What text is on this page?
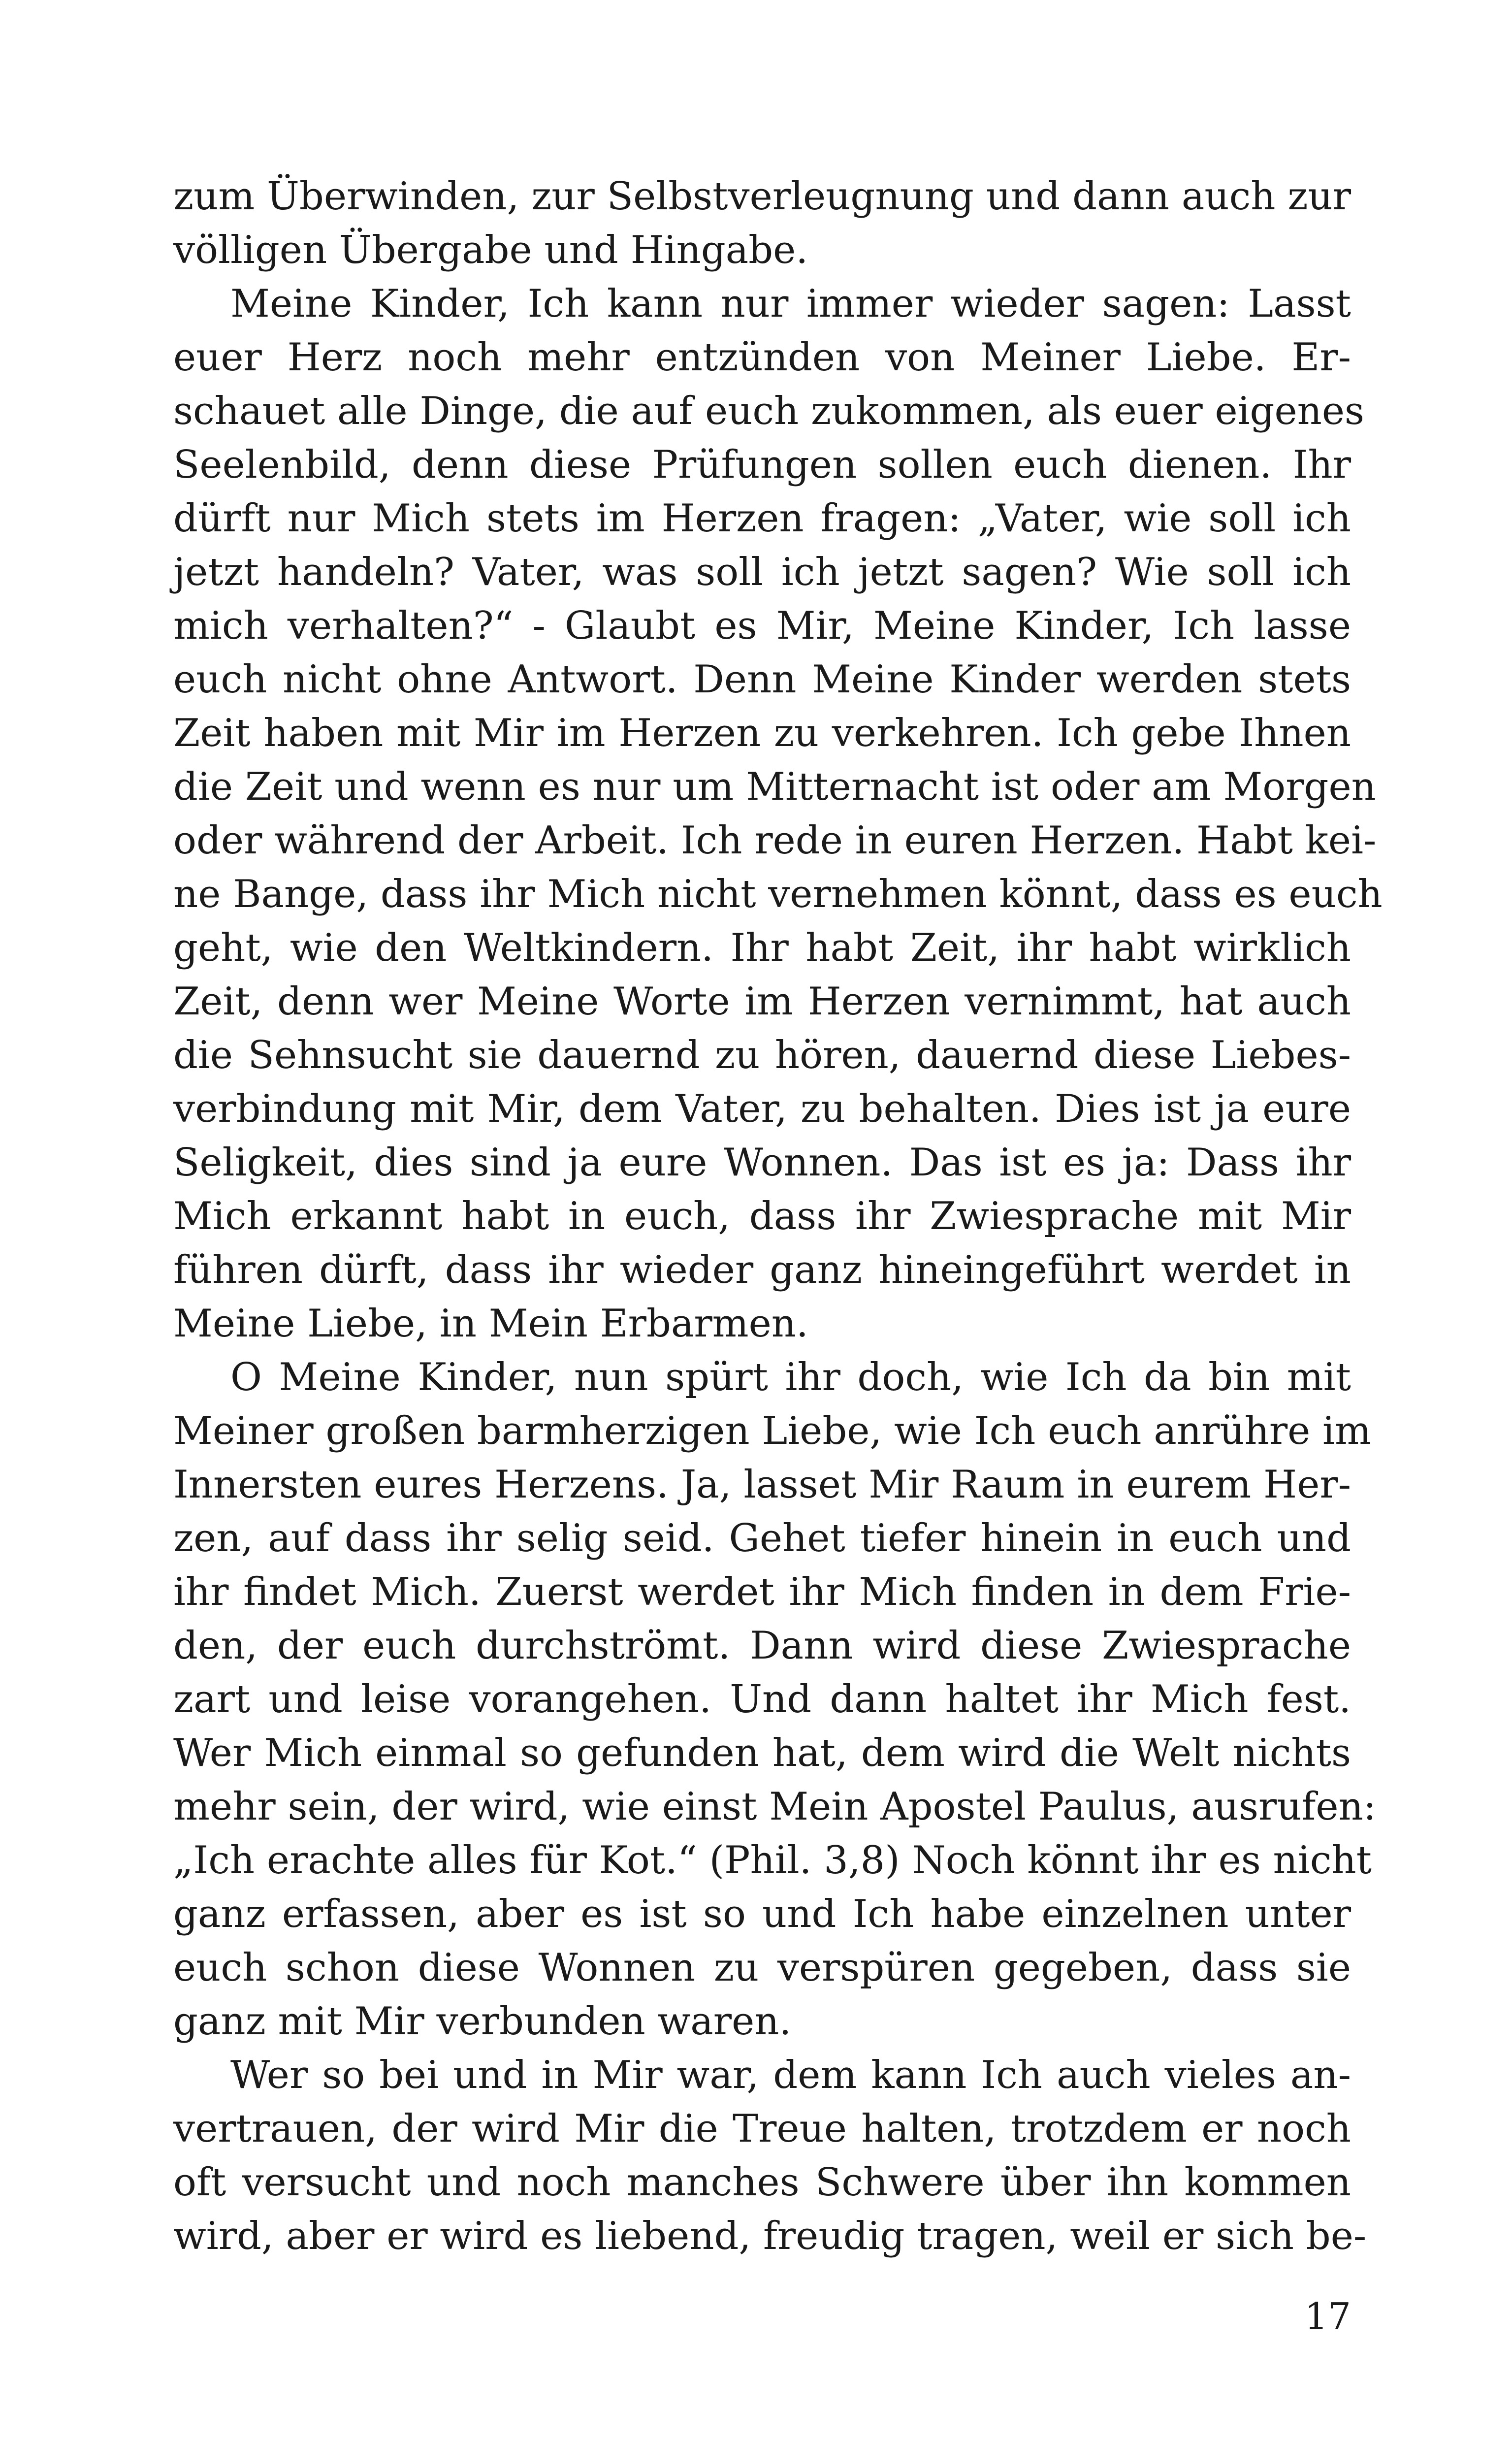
zum Überwinden, zur Selbstverleugnung und dann auch zur
völligen Übergabe und Hingabe.
Meine Kinder, Ich kann nur immer wieder sagen: Lasst
euer Herz noch mehr entzünden von Meiner Liebe. Er-
schauet alle Dinge, die auf euch zukommen, als euer eigenes
Seelenbild, denn diese Prüfungen sollen euch dienen. Ihr
dürft nur Mich stets im Herzen fragen: „Vater, wie soll ich
jetzt handeln? Vater, was soll ich jetzt sagen? Wie soll ich
mich verhalten?“ - Glaubt es Mir, Meine Kinder, Ich lasse
euch nicht ohne Antwort. Denn Meine Kinder werden stets
Zeit haben mit Mir im Herzen zu verkehren. Ich gebe Ihnen
die Zeit und wenn es nur um Mitternacht ist oder am Morgen
oder während der Arbeit. Ich rede in euren Herzen. Habt kei-
ne Bange, dass ihr Mich nicht vernehmen könnt, dass es euch
geht, wie den Weltkindern. Ihr habt Zeit, ihr habt wirklich
Zeit, denn wer Meine Worte im Herzen vernimmt, hat auch
die Sehnsucht sie dauernd zu hören, dauernd diese Liebes-
verbindung mit Mir, dem Vater, zu behalten. Dies ist ja eure
Seligkeit, dies sind ja eure Wonnen. Das ist es ja: Dass ihr
Mich erkannt habt in euch, dass ihr Zwiesprache mit Mir
führen dürft, dass ihr wieder ganz hineingeführt werdet in
Meine Liebe, in Mein Erbarmen.
O Meine Kinder, nun spürt ihr doch, wie Ich da bin mit
Meiner großen barmherzigen Liebe, wie Ich euch anrühre im
Innersten eures Herzens. Ja, lasset Mir Raum in eurem Her-
zen, auf dass ihr selig seid. Gehet tiefer hinein in euch und
ihr findet Mich. Zuerst werdet ihr Mich finden in dem Frie-
den, der euch durchströmt. Dann wird diese Zwiesprache
zart und leise vorangehen. Und dann haltet ihr Mich fest.
Wer Mich einmal so gefunden hat, dem wird die Welt nichts
mehr sein, der wird, wie einst Mein Apostel Paulus, ausrufen:
„Ich erachte alles für Kot.“ (Phil. 3,8) Noch könnt ihr es nicht
ganz erfassen, aber es ist so und Ich habe einzelnen unter
euch schon diese Wonnen zu verspüren gegeben, dass sie
ganz mit Mir verbunden waren.
Wer so bei und in Mir war, dem kann Ich auch vieles an-
vertrauen, der wird Mir die Treue halten, trotzdem er noch
oft versucht und noch manches Schwere über ihn kommen
wird, aber er wird es liebend, freudig tragen, weil er sich be-
17
